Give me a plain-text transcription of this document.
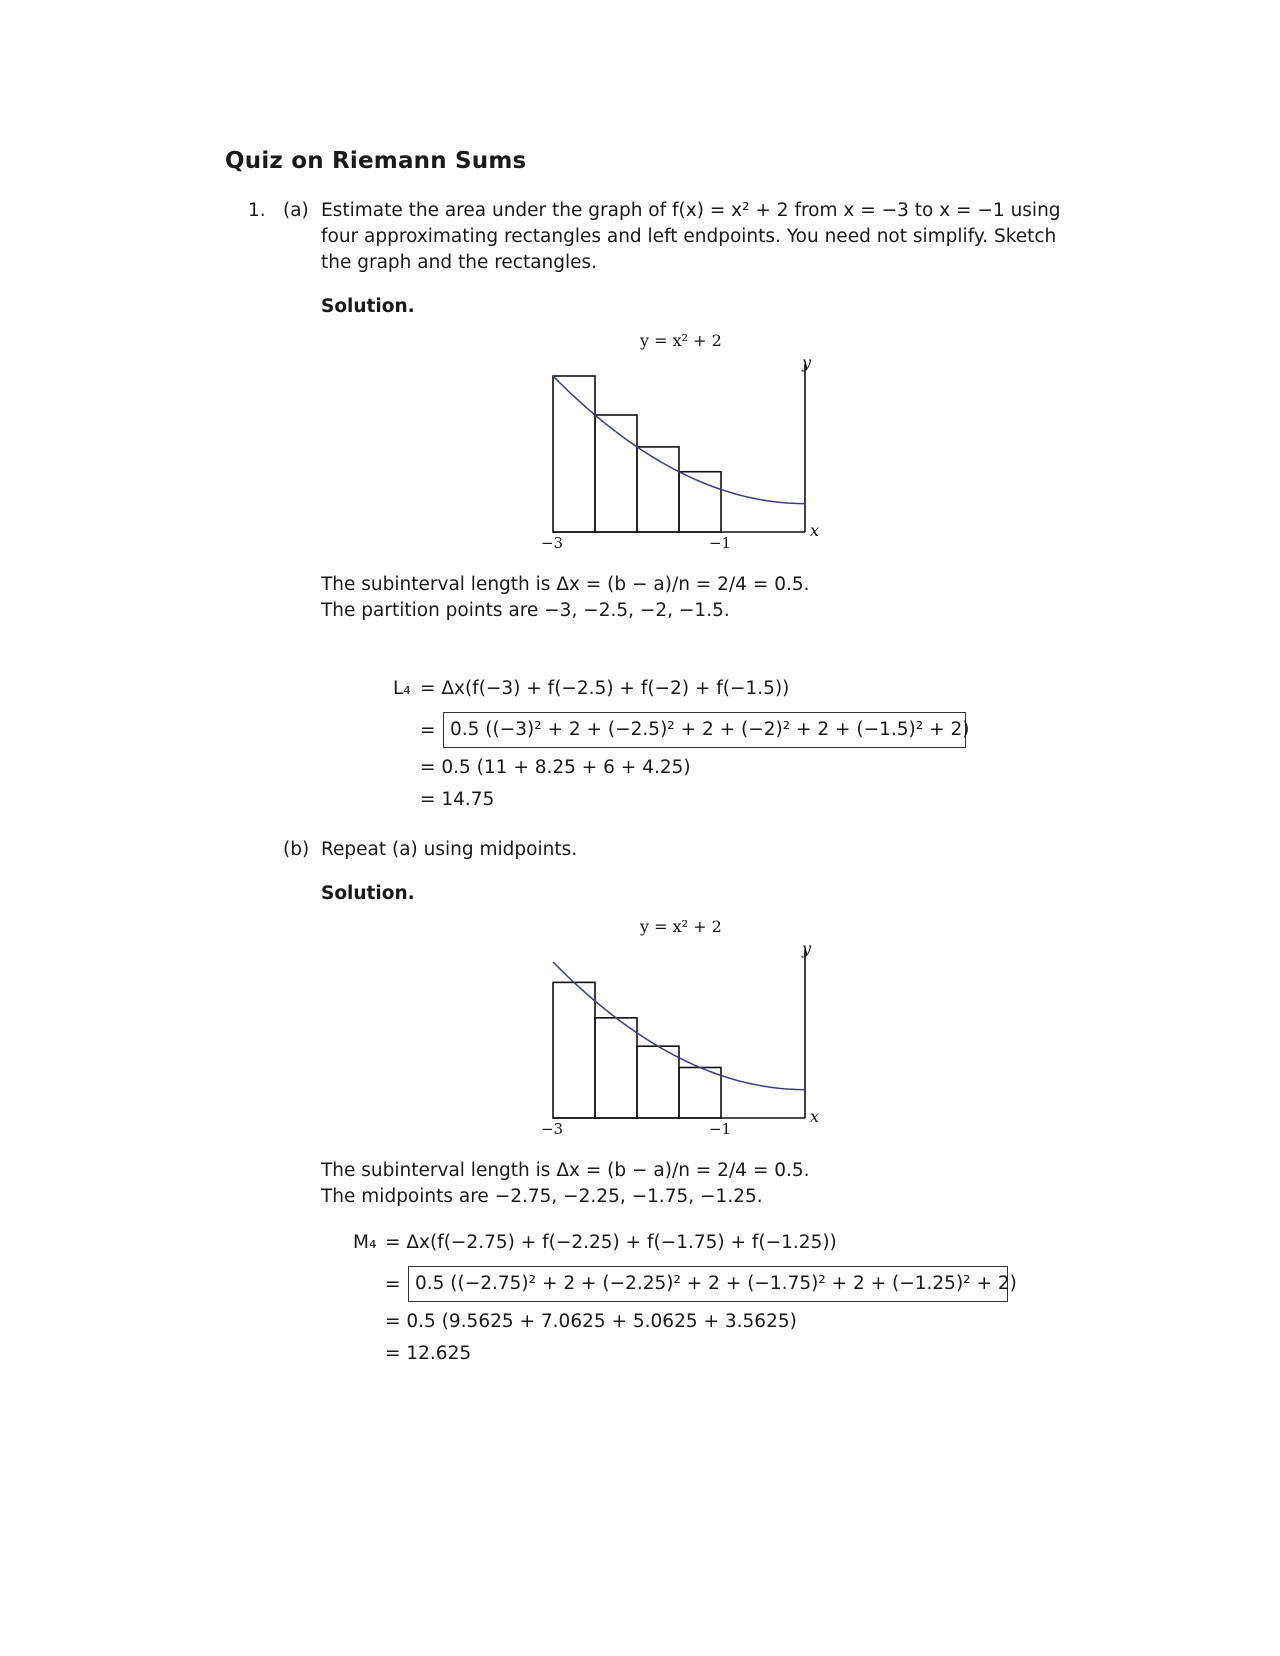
Quiz on Riemann Sums
1. (a) Estimate the area under the graph of f(x) = x² + 2 from x = −3 to x = −1 using
four approximating rectangles and left endpoints. You need not simplify. Sketch
the graph and the rectangles.
Solution.
y = x² + 2
y
x
−3	−1
The subinterval length is Δx = (b − a)/n = 2/4 = 0.5.
The partition points are −3, −2.5, −2, −1.5.
L₄ = Δx(f(−3) + f(−2.5) + f(−2) + f(−1.5))
= 0.5 ((−3)² + 2 + (−2.5)² + 2 + (−2)² + 2 + (−1.5)² + 2)
= 0.5 (11 + 8.25 + 6 + 4.25)
= 14.75
(b) Repeat (a) using midpoints.
Solution.
y = x² + 2
y
x
−3	−1
The subinterval length is Δx = (b − a)/n = 2/4 = 0.5.
The midpoints are −2.75, −2.25, −1.75, −1.25.
M₄ = Δx(f(−2.75) + f(−2.25) + f(−1.75) + f(−1.25))
= 0.5 ((−2.75)² + 2 + (−2.25)² + 2 + (−1.75)² + 2 + (−1.25)² + 2)
= 0.5 (9.5625 + 7.0625 + 5.0625 + 3.5625)
= 12.625
